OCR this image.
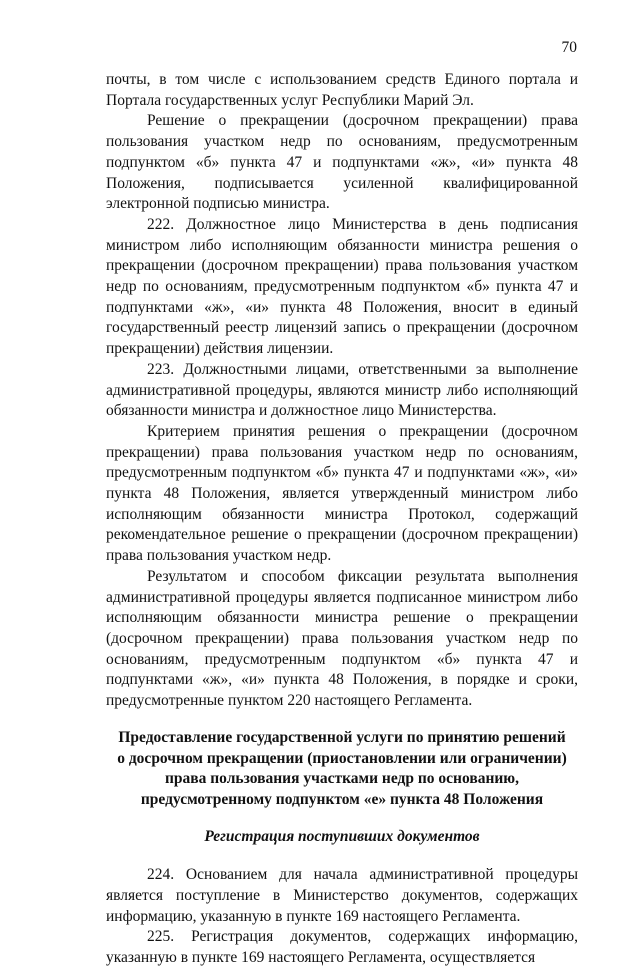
70

почты, в том числе с использованием средств Единого портала и Портала государственных услуг Республики Марий Эл.

Решение о прекращении (досрочном прекращении) права пользования участком недр по основаниям, предусмотренным подпунктом «б» пункта 47 и подпунктами «ж», «и» пункта 48 Положения, подписывается усиленной квалифицированной электронной подписью министра.

222. Должностное лицо Министерства в день подписания министром либо исполняющим обязанности министра решения о прекращении (досрочном прекращении) права пользования участком недр по основаниям, предусмотренным подпунктом «б» пункта 47 и подпунктами «ж», «и» пункта 48 Положения, вносит в единый государственный реестр лицензий запись о прекращении (досрочном прекращении) действия лицензии.

223. Должностными лицами, ответственными за выполнение административной процедуры, являются министр либо исполняющий обязанности министра и должностное лицо Министерства.

Критерием принятия решения о прекращении (досрочном прекращении) права пользования участком недр по основаниям, предусмотренным подпунктом «б» пункта 47 и подпунктами «ж», «и» пункта 48 Положения, является утвержденный министром либо исполняющим обязанности министра Протокол, содержащий рекомендательное решение о прекращении (досрочном прекращении) права пользования участком недр.

Результатом и способом фиксации результата выполнения административной процедуры является подписанное министром либо исполняющим обязанности министра решение о прекращении (досрочном прекращении) права пользования участком недр по основаниям, предусмотренным подпунктом «б» пункта 47 и подпунктами «ж», «и» пункта 48 Положения, в порядке и сроки, предусмотренные пунктом 220 настоящего Регламента.

Предоставление государственной услуги по принятию решений
о досрочном прекращении (приостановлении или ограничении)
права пользования участками недр по основанию,
предусмотренному подпунктом «е» пункта 48 Положения
Регистрация поступивших документов

224. Основанием для начала административной процедуры является поступление в Министерство документов, содержащих информацию, указанную в пункте 169 настоящего Регламента.

225. Регистрация документов, содержащих информацию, указанную в пункте 169 настоящего Регламента, осуществляется
